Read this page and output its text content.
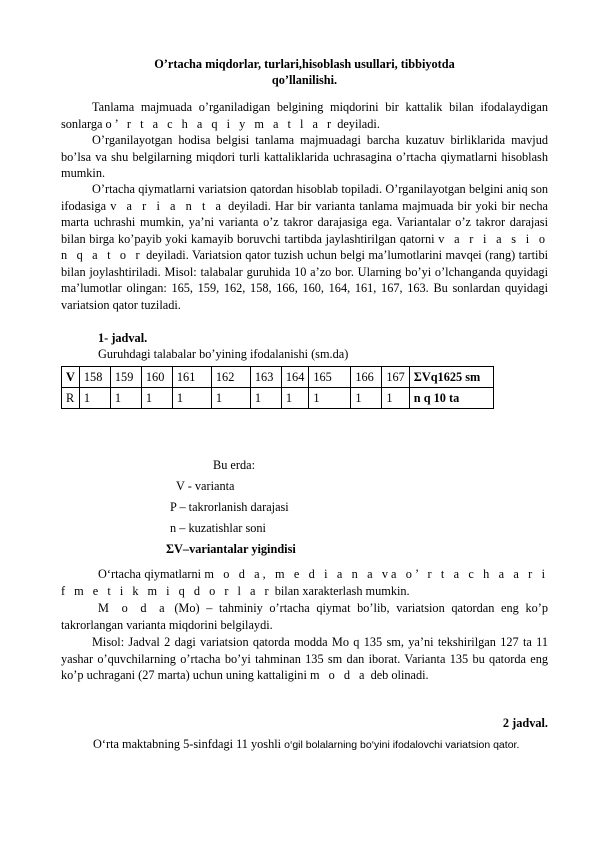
O’rtacha miqdorlar, turlari,hisoblash usullari, tibbiyotda
qo’llanilishi.
Tanlama majmuada o’rganiladigan belgining miqdorini bir kattalik bilan ifodalaydigan sonlarga o’ r t a c h a q i y m a t l a r deyiladi.
O’rganilayotgan hodisa belgisi tanlama majmuadagi barcha kuzatuv birliklarida mavjud bo’lsa va shu belgilarning miqdori turli kattaliklarida uchrasagina o’rtacha qiymatlarni hisoblash mumkin.
O’rtacha qiymatlarni variatsion qatordan hisoblab topiladi. O’rganilayotgan belgini aniq son ifodasiga v a r i a n t a deyiladi. Har bir varianta tanlama majmuada bir yoki bir necha marta uchrashi mumkin, ya’ni varianta o’z takror darajasiga ega. Variantalar o’z takror darajasi bilan birga ko’payib yoki kamayib boruvchi tartibda jaylashtirilgan qatorni v a r i a s i o n q a t o r deyiladi. Variatsion qator tuzish uchun belgi ma’lumotlarini mavqei (rang) tartibi bilan joylashtiriladi. Misol: talabalar guruhida 10 a’zo bor. Ularning bo’yi o’lchanganda quyidagi ma’lumotlar olingan: 165, 159, 162, 158, 166, 160, 164, 161, 167, 163. Bu sonlardan quyidagi variatsion qator tuziladi.
1- jadval.
Guruhdagi talabalar bo’yining ifodalanishi (sm.da)
V	158	159	160	161	162	163	164	165	166	167	ΣVq1625 sm
R	1	1	1	1	1	1	1	1	1	1	n q 10 ta
Bu erda:
V - varianta
P – takrorlanish darajasi
n – kuzatishlar soni
ΣV–variantalar yigindisi
O‘rtacha qiymatlarni m o d a, m e d i a n a va o’ r t a c h a a r i f m e t i k m i q d o r l a r bilan xarakterlash mumkin.
M o d a (Mo) – tahminiy o’rtacha qiymat bo’lib, variatsion qatordan eng ko’p takrorlangan varianta miqdorini belgilaydi.
Misol: Jadval 2 dagi variatsion qatorda modda Mo q 135 sm, ya’ni tekshirilgan 127 ta 11 yashar o’quvchilarning o’rtacha bo’yi tahminan 135 sm dan iborat. Varianta 135 bu qatorda eng ko’p uchragani (27 marta) uchun uning kattaligini m o d a deb olinadi.
2 jadval.
O‘rta maktabning 5-sinfdagi 11 yoshli o‘gil bolalarning bo‘yini ifodalovchi variatsion qator.
